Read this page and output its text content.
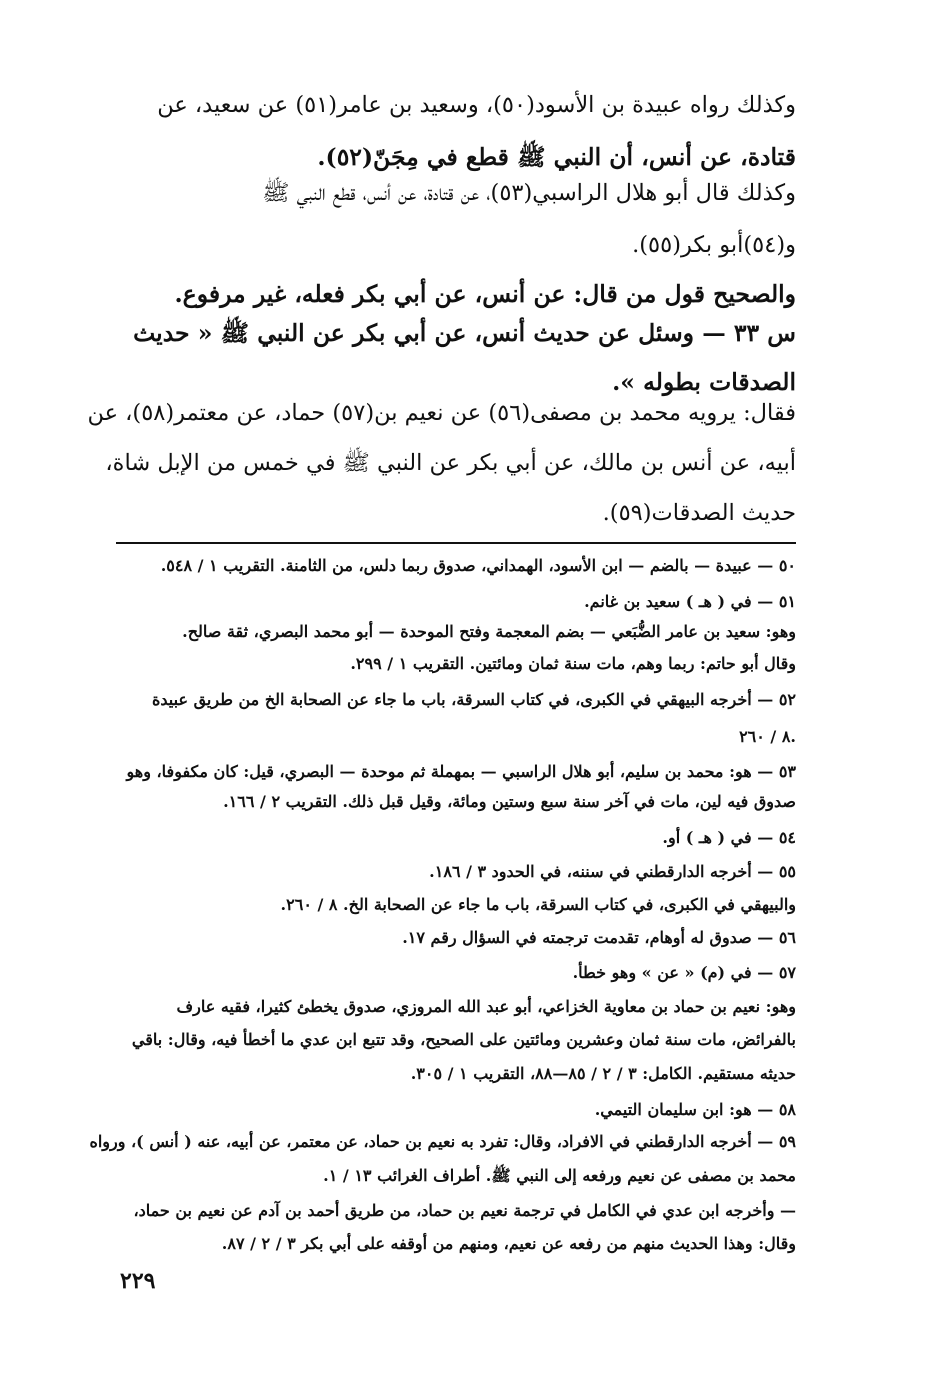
وكذلك رواه عبيدة بن الأسود(٥٠)، وسعيد بن عامر(٥١) عن سعيد، عن
قتادة، عن أنس، أن النبي ﷺ قطع في مِجَنّ(٥٢).
وكذلك قال أبو هلال الراسبي(٥٣)، عن قتادة، عن أنس، قطع النبي ﷺ
و(٥٤)أبو بكر(٥٥).
والصحيح قول من قال: عن أنس، عن أبي بكر فعله، غير مرفوع.
س ٣٣ — وسئل عن حديث أنس، عن أبي بكر عن النبي ﷺ « حديث
الصدقات بطوله ».
فقال: يرويه محمد بن مصفى(٥٦) عن نعيم بن(٥٧) حماد، عن معتمر(٥٨)، عن
أبيه، عن أنس بن مالك، عن أبي بكر عن النبي ﷺ في خمس من الإبل شاة،
حديث الصدقات(٥٩).
٥٠ — عبيدة — بالضم — ابن الأسود، الهمداني، صدوق ربما دلس، من الثامنة. التقريب ١ / ٥٤٨.
٥١ — في ( هـ ) سعيد بن غانم.
وهو: سعيد بن عامر الضُّبَعي — بضم المعجمة وفتح الموحدة — أبو محمد البصري، ثقة صالح.
وقال أبو حاتم: ربما وهم، مات سنة ثمان ومائتين. التقريب ١ / ٢٩٩.
٥٢ — أخرجه البيهقي في الكبرى، في كتاب السرقة، باب ما جاء عن الصحابة الخ من طريق عبيدة
٨ / ٢٦٠.
٥٣ — هو: محمد بن سليم، أبو هلال الراسبي — بمهملة ثم موحدة — البصري، قيل: كان مكفوفا، وهو
صدوق فيه لين، مات في آخر سنة سبع وستين ومائة، وقيل قبل ذلك. التقريب ٢ / ١٦٦.
٥٤ — في ( هـ ) أو.
٥٥ — أخرجه الدارقطني في سننه، في الحدود ٣ / ١٨٦.
والبيهقي في الكبرى، في كتاب السرقة، باب ما جاء عن الصحابة الخ. ٨ / ٢٦٠.
٥٦ — صدوق له أوهام، تقدمت ترجمته في السؤال رقم ١٧.
٥٧ — في (م) « عن » وهو خطأ.
وهو: نعيم بن حماد بن معاوية الخزاعي، أبو عبد الله المروزي، صدوق يخطئ كثيرا، فقيه عارف
بالفرائض، مات سنة ثمان وعشرين ومائتين على الصحيح، وقد تتبع ابن عدي ما أخطأ فيه، وقال: باقي
حديثه مستقيم. الكامل: ٣ / ٢ / ٨٥—٨٨، التقريب ١ / ٣٠٥.
٥٨ — هو: ابن سليمان التيمي.
٥٩ — أخرجه الدارقطني في الافراد، وقال: تفرد به نعيم بن حماد، عن معتمر، عن أبيه، عنه ( أنس )، ورواه
محمد بن مصفى عن نعيم ورفعه إلى النبي ﷺ. أطراف الغرائب ١٣ / ١.
— وأخرجه ابن عدي في الكامل في ترجمة نعيم بن حماد، من طريق أحمد بن آدم عن نعيم بن حماد،
وقال: وهذا الحديث منهم من رفعه عن نعيم، ومنهم من أوقفه على أبي بكر ٣ / ٢ / ٨٧.
٢٢٩
